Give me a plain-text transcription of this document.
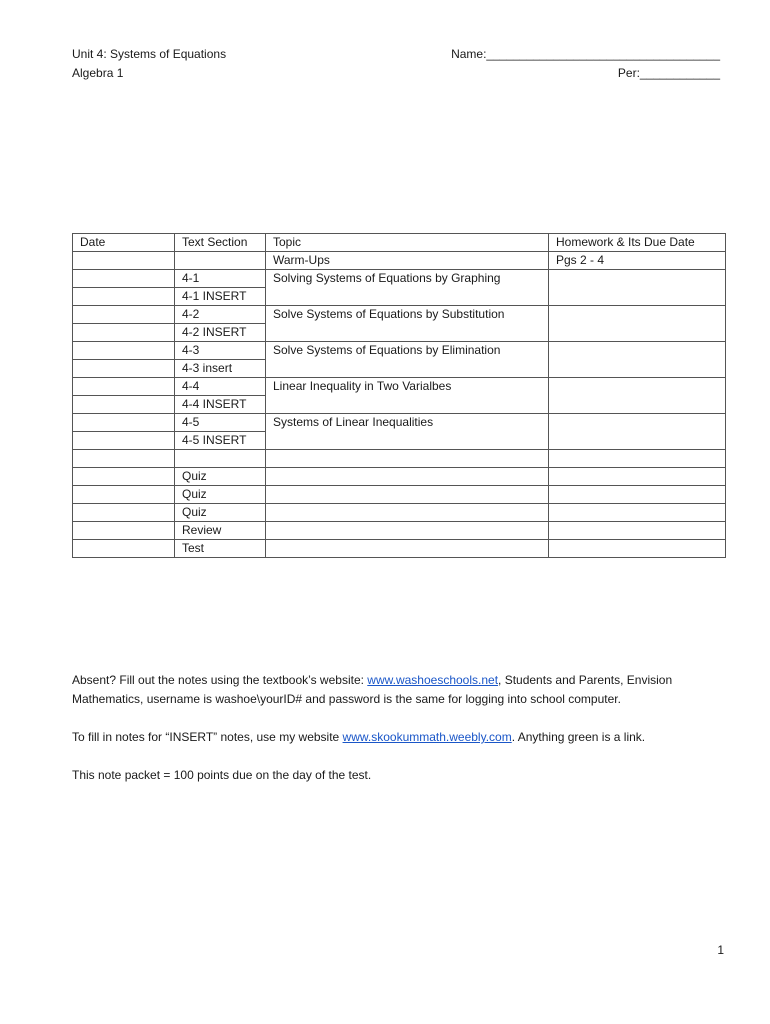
Unit 4: Systems of Equations
Algebra 1
Name:___________________________________
Per:____________
Date	Text Section	Topic	Homework & Its Due Date
		Warm-Ups	Pgs 2 - 4
	4-1	Solving Systems of Equations by Graphing	
	4-1 INSERT		
	4-2	Solve Systems of Equations by Substitution	
	4-2 INSERT		
	4-3	Solve Systems of Equations by Elimination	
	4-3 insert		
	4-4	Linear Inequality in Two Varialbes	
	4-4 INSERT		
	4-5	Systems of Linear Inequalities	
	4-5 INSERT		

	Quiz		
	Quiz		
	Quiz		
	Review		
	Test		
Absent? Fill out the notes using the textbook’s website: www.washoeschools.net, Students and Parents, Envision Mathematics, username is washoe\yourID# and password is the same for logging into school computer.
To fill in notes for “INSERT” notes, use my website www.skookummath.weebly.com. Anything green is a link.
This note packet = 100 points due on the day of the test.
1
